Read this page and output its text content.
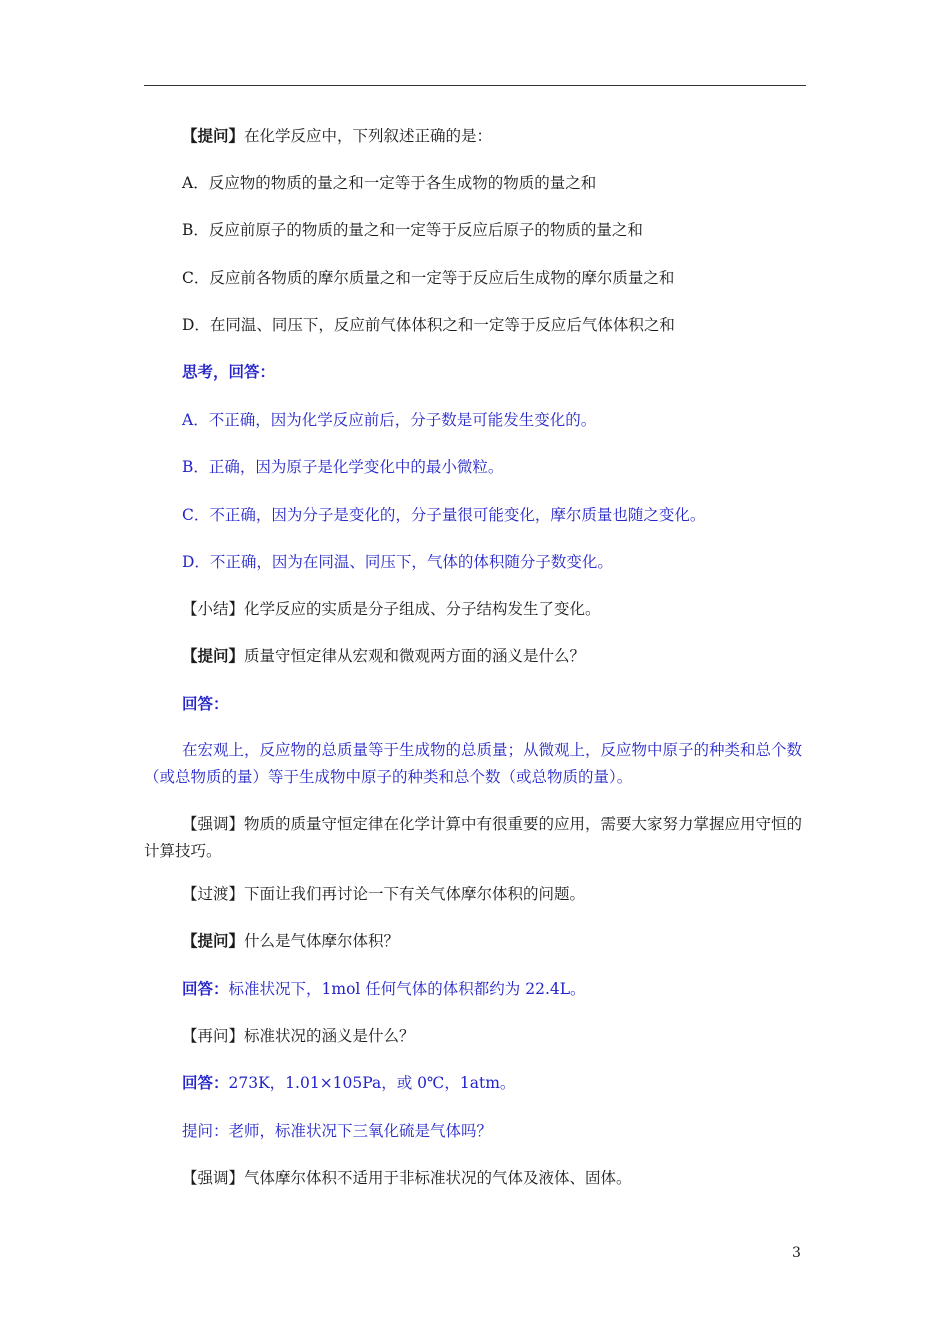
【提问】在化学反应中，下列叙述正确的是：
A．反应物的物质的量之和一定等于各生成物的物质的量之和
B．反应前原子的物质的量之和一定等于反应后原子的物质的量之和
C．反应前各物质的摩尔质量之和一定等于反应后生成物的摩尔质量之和
D．在同温、同压下，反应前气体体积之和一定等于反应后气体体积之和
思考，回答：
A．不正确，因为化学反应前后，分子数是可能发生变化的。
B．正确，因为原子是化学变化中的最小微粒。
C．不正确，因为分子是变化的，分子量很可能变化，摩尔质量也随之变化。
D．不正确，因为在同温、同压下，气体的体积随分子数变化。
【小结】化学反应的实质是分子组成、分子结构发生了变化。
【提问】质量守恒定律从宏观和微观两方面的涵义是什么？
回答：
在宏观上，反应物的总质量等于生成物的总质量；从微观上，反应物中原子的种类和总个数（或总物质的量）等于生成物中原子的种类和总个数（或总物质的量）。
【强调】物质的质量守恒定律在化学计算中有很重要的应用，需要大家努力掌握应用守恒的计算技巧。
【过渡】下面让我们再讨论一下有关气体摩尔体积的问题。
【提问】什么是气体摩尔体积？
回答：标准状况下，1mol 任何气体的体积都约为 22.4L。
【再问】标准状况的涵义是什么？
回答：273K，1.01×105Pa，或 0℃，1atm。
提问：老师，标准状况下三氧化硫是气体吗？
【强调】气体摩尔体积不适用于非标准状况的气体及液体、固体。
3
